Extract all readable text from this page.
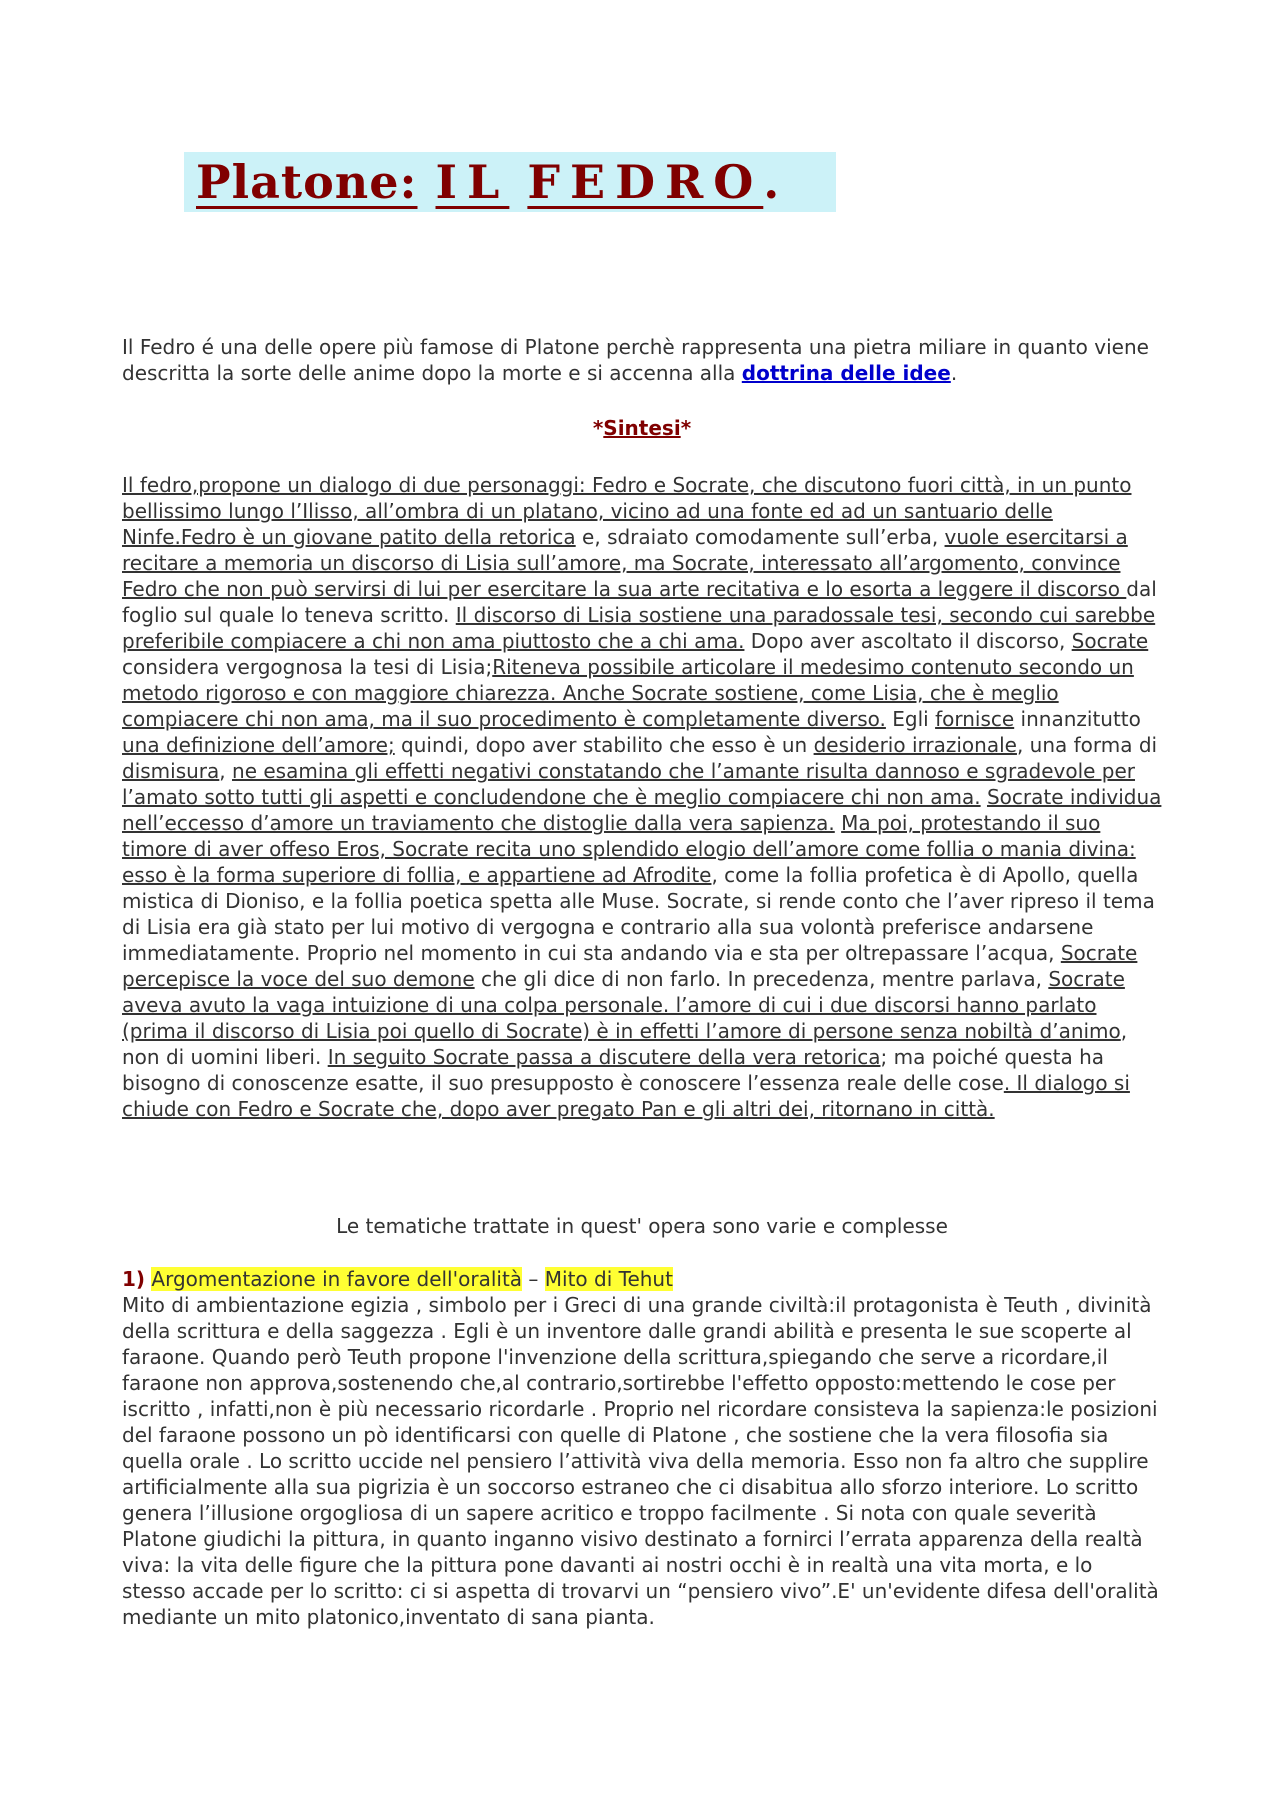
Platone: IL FEDRO.

Il Fedro é una delle opere più famose di Platone perchè rappresenta una pietra miliare in quanto viene descritta la sorte delle anime dopo la morte e si accenna alla dottrina delle idee.

*Sintesi*

Il fedro,propone un dialogo di due personaggi: Fedro e Socrate, che discutono fuori città, in un punto bellissimo lungo l’Ilisso, all’ombra di un platano, vicino ad una fonte ed ad un santuario delle Ninfe.Fedro è un giovane patito della retorica e, sdraiato comodamente sull’erba, vuole esercitarsi a recitare a memoria un discorso di Lisia sull’amore, ma Socrate, interessato all’argomento, convince Fedro che non può servirsi di lui per esercitare la sua arte recitativa e lo esorta a leggere il discorso dal foglio sul quale lo teneva scritto. Il discorso di Lisia sostiene una paradossale tesi, secondo cui sarebbe preferibile compiacere a chi non ama piuttosto che a chi ama. Dopo aver ascoltato il discorso, Socrate considera vergognosa la tesi di Lisia;Riteneva possibile articolare il medesimo contenuto secondo un metodo rigoroso e con maggiore chiarezza. Anche Socrate sostiene, come Lisia, che è meglio compiacere chi non ama, ma il suo procedimento è completamente diverso. Egli fornisce innanzitutto una definizione dell’amore; quindi, dopo aver stabilito che esso è un desiderio irrazionale, una forma di dismisura, ne esamina gli effetti negativi constatando che l’amante risulta dannoso e sgradevole per l’amato sotto tutti gli aspetti e concludendone che è meglio compiacere chi non ama. Socrate individua nell’eccesso d’amore un traviamento che distoglie dalla vera sapienza. Ma poi, protestando il suo timore di aver offeso Eros, Socrate recita uno splendido elogio dell’amore come follia o mania divina: esso è la forma superiore di follia, e appartiene ad Afrodite, come la follia profetica è di Apollo, quella mistica di Dioniso, e la follia poetica spetta alle Muse. Socrate, si rende conto che l’aver ripreso il tema di Lisia era già stato per lui motivo di vergogna e contrario alla sua volontà preferisce andarsene immediatamente. Proprio nel momento in cui sta andando via e sta per oltrepassare l’acqua, Socrate percepisce la voce del suo demone che gli dice di non farlo. In precedenza, mentre parlava, Socrate aveva avuto la vaga intuizione di una colpa personale. l’amore di cui i due discorsi hanno parlato (prima il discorso di Lisia poi quello di Socrate) è in effetti l’amore di persone senza nobiltà d’animo, non di uomini liberi. In seguito Socrate passa a discutere della vera retorica; ma poiché questa ha bisogno di conoscenze esatte, il suo presupposto è conoscere l’essenza reale delle cose. Il dialogo si chiude con Fedro e Socrate che, dopo aver pregato Pan e gli altri dei, ritornano in città.

Le tematiche trattate in quest' opera sono varie e complesse

1) Argomentazione in favore dell'oralità – Mito di Tehut

Mito di ambientazione egizia , simbolo per i Greci di una grande civiltà:il protagonista è Teuth , divinità della scrittura e della saggezza . Egli è un inventore dalle grandi abilità e presenta le sue scoperte al faraone. Quando però Teuth propone l'invenzione della scrittura,spiegando che serve a ricordare,il faraone non approva,sostenendo che,al contrario,sortirebbe l'effetto opposto:mettendo le cose per iscritto , infatti,non è più necessario ricordarle . Proprio nel ricordare consisteva la sapienza:le posizioni del faraone possono un pò identificarsi con quelle di Platone , che sostiene che la vera filosofia sia quella orale . Lo scritto uccide nel pensiero l’attività viva della memoria. Esso non fa altro che supplire artificialmente alla sua pigrizia è un soccorso estraneo che ci disabitua allo sforzo interiore. Lo scritto genera l’illusione orgogliosa di un sapere acritico e troppo facilmente . Si nota con quale severità Platone giudichi la pittura, in quanto inganno visivo destinato a fornirci l’errata apparenza della realtà viva: la vita delle figure che la pittura pone davanti ai nostri occhi è in realtà una vita morta, e lo stesso accade per lo scritto: ci si aspetta di trovarvi un “pensiero vivo”.E' un'evidente difesa dell'oralità mediante un mito platonico,inventato di sana pianta.
